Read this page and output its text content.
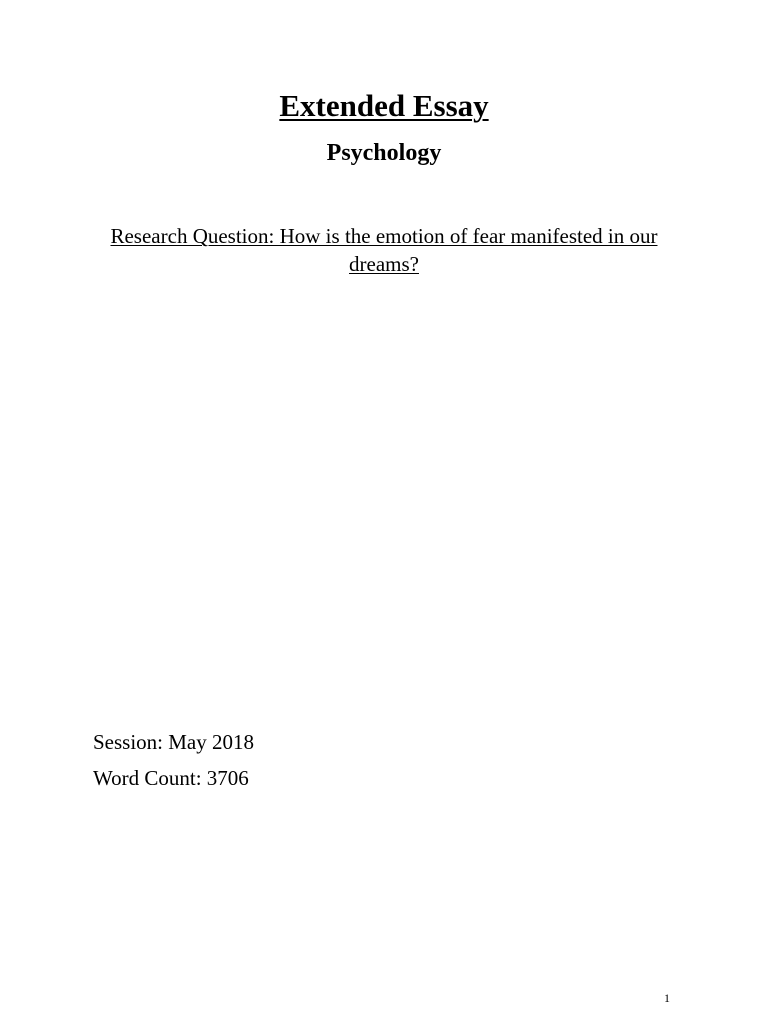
Extended Essay
Psychology
Research Question: How is the emotion of fear manifested in our dreams?
Session: May 2018
Word Count: 3706
1
